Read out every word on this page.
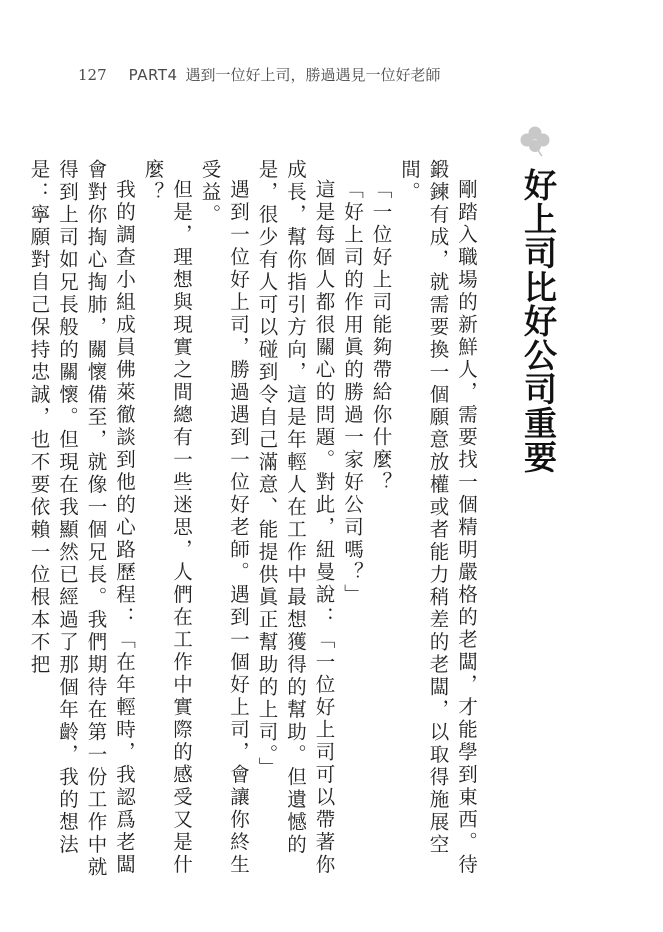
127 PART4 遇到一位好上司，勝過遇見一位好老師
好上司比好公司重要

剛踏入職場的新鮮人，需要找一個精明嚴格的老闆，才能學到東西。待鍛鍊有成，就需要換一個願意放權或者能力稍差的老闆，以取得施展空間。

「一位好上司能夠帶給你什麼？

「好上司的作用眞的勝過一家好公司嗎？」

這是每個人都很關心的問題。對此，紐曼說：「一位好上司可以帶著你成長，幫你指引方向，這是年輕人在工作中最想獲得的幫助。但遺憾的是，很少有人可以碰到令自己滿意、能提供眞正幫助的上司。」

遇到一位好上司，勝過遇到一位好老師。遇到一個好上司，會讓你終生受益。

但是，理想與現實之間總有一些迷思，人們在工作中實際的感受又是什麼？

我的調查小組成員佛萊徹談到他的心路歷程：「在年輕時，我認爲老闆會對你掏心掏肺，關懷備至，就像一個兄長。我們期待在第一份工作中就得到上司如兄長般的關懷。但現在我顯然已經過了那個年齡，我的想法是：寧願對自己保持忠誠，也不要依賴一位根本不把
